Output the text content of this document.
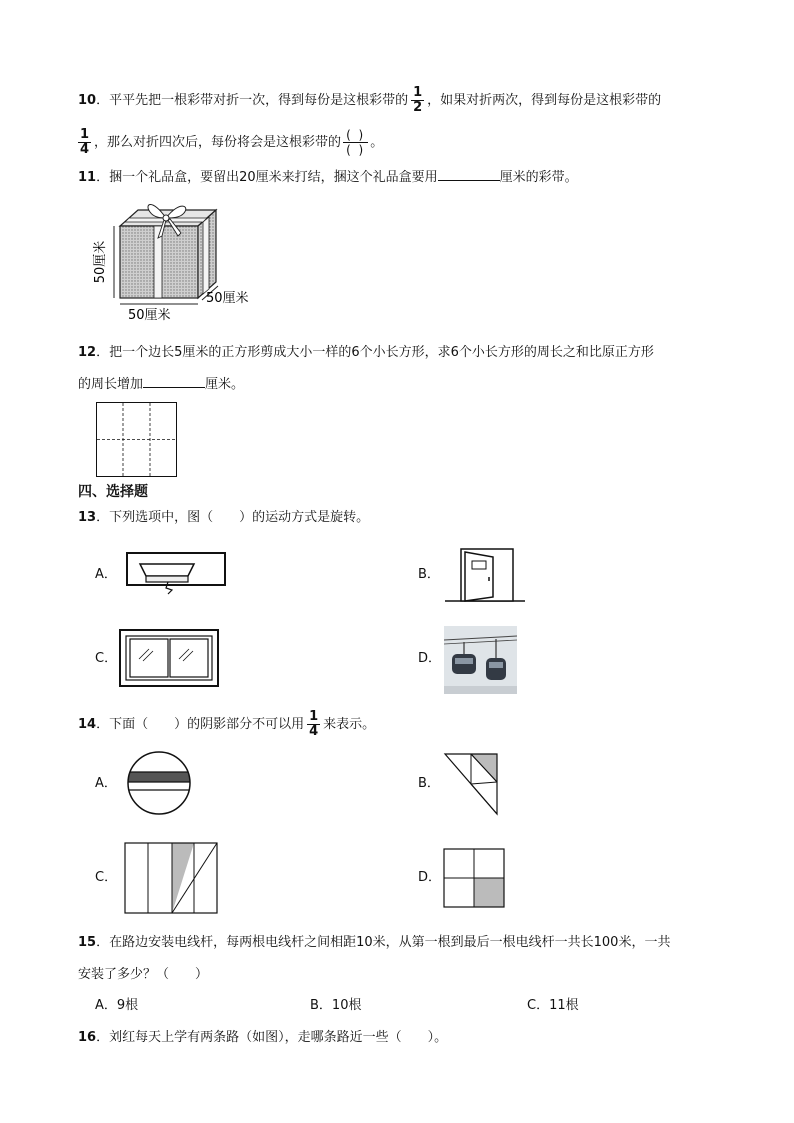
10．平平先把一根彩带对折一次，得到每份是这根彩带的 $\frac{1}{2}$ ，如果对折两次，得到每份是这根彩带的
$\frac{1}{4}$ ，那么对折四次后，每份将会是这根彩带的 ( )
( ) 。
11．捆一个礼品盒，要留出20厘米来打结，捆这个礼品盒要用	厘米的彩带。
50厘米
50厘米
50厘米
12．把一个边长5厘米的正方形剪成大小一样的6个小长方形，求6个小长方形的周长之和比原正方形
的周长增加	厘米。
四、选择题
13．下列选项中，图（　　）的运动方式是旋转。
A．	B．
C．	D．
14．下面（　　）的阴影部分不可以用 $\frac{1}{4}$ 来表示。
A．	B．
C．	D．
15．在路边安装电线杆，每两根电线杆之间相距10米，从第一根到最后一根电线杆一共长100米，一共
安装了多少？（　　）
A．9根	B．10根	C．11根
16．刘红每天上学有两条路（如图），走哪条路近一些（　　）。
